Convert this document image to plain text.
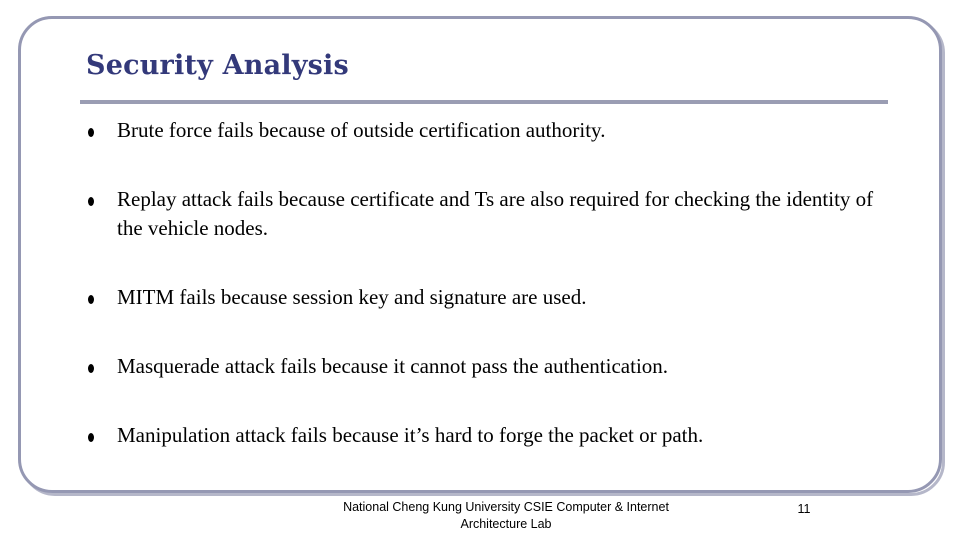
Security Analysis
Brute force fails because of outside certification authority.
Replay attack fails because certificate and Ts are also required for checking the identity of the vehicle nodes.
MITM fails because session key and signature are used.
Masquerade attack fails because it cannot pass the authentication.
Manipulation attack fails because it’s hard to forge the packet or path.
National Cheng Kung University CSIE Computer & Internet Architecture Lab
11
